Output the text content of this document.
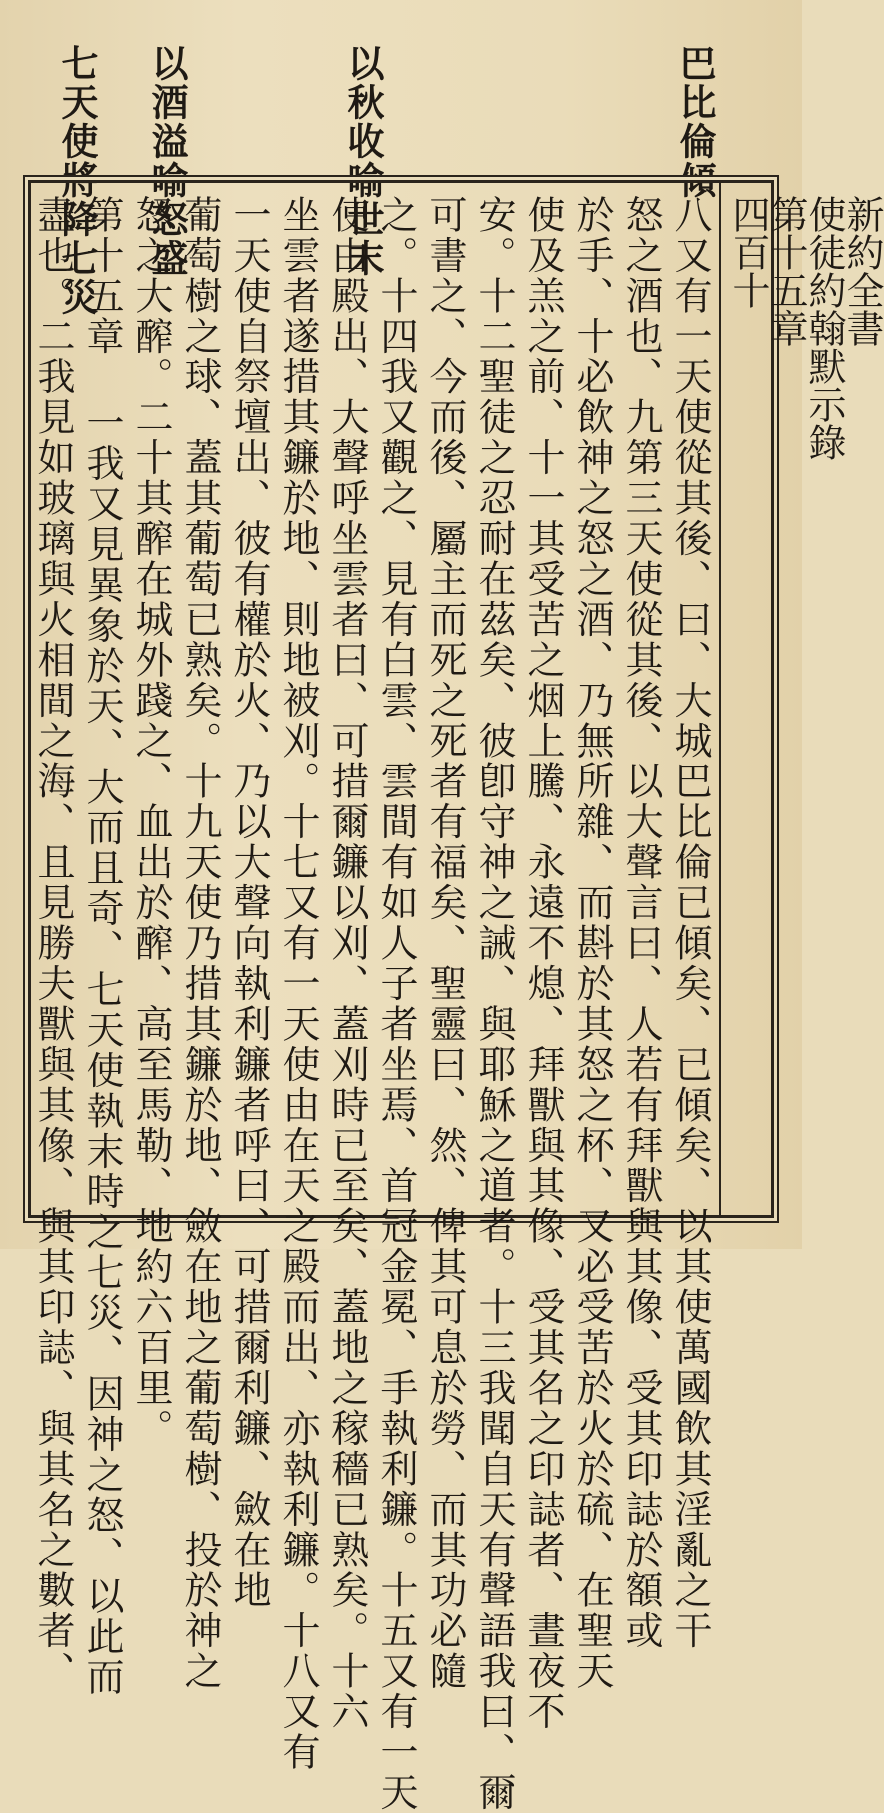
巴比倫傾
以秋收喻世末
以酒溢喻怒盛
七天使將降七災	新約全書
使徒約翰默示錄
第十五章
四百十
八又有一天使從其後、曰、大城巴比倫已傾矣、已傾矣、以其使萬國飲其淫亂之干
怒之酒也、九第三天使從其後、以大聲言曰、人若有拜獸與其像、受其印誌於額或
於手、十必飲神之怒之酒、乃無所雜、而斟於其怒之杯、又必受苦於火於硫、在聖天
使及羔之前、十一其受苦之烟上騰、永遠不熄、拜獸與其像、受其名之印誌者、晝夜不
安。十二聖徒之忍耐在茲矣、彼卽守神之誡、與耶穌之道者。十三我聞自天有聲語我曰、爾
可書之、今而後、屬主而死之死者有福矣、聖靈曰、然、俾其可息於勞、而其功必隨
之。十四我又觀之、見有白雲、雲間有如人子者坐焉、首冠金冕、手執利鐮。十五又有一天
使由殿出、大聲呼坐雲者曰、可措爾鐮以刈、蓋刈時已至矣、蓋地之稼穡已熟矣。十六
坐雲者遂措其鐮於地、則地被刈。十七又有一天使由在天之殿而出、亦執利鐮。十八又有
一天使自祭壇出、彼有權於火、乃以大聲向執利鐮者呼曰、可措爾利鐮、斂在地
葡萄樹之球、蓋其葡萄已熟矣。十九天使乃措其鐮於地、斂在地之葡萄樹、投於神之
怒之大醡。二十其醡在城外踐之、血出於醡、高至馬勒、地約六百里。
第十五章 一我又見異象於天、大而且奇、七天使執末時之七災、因神之怒、以此而
盡也。二我見如玻璃與火相間之海、且見勝夫獸與其像、與其印誌、與其名之數者、
